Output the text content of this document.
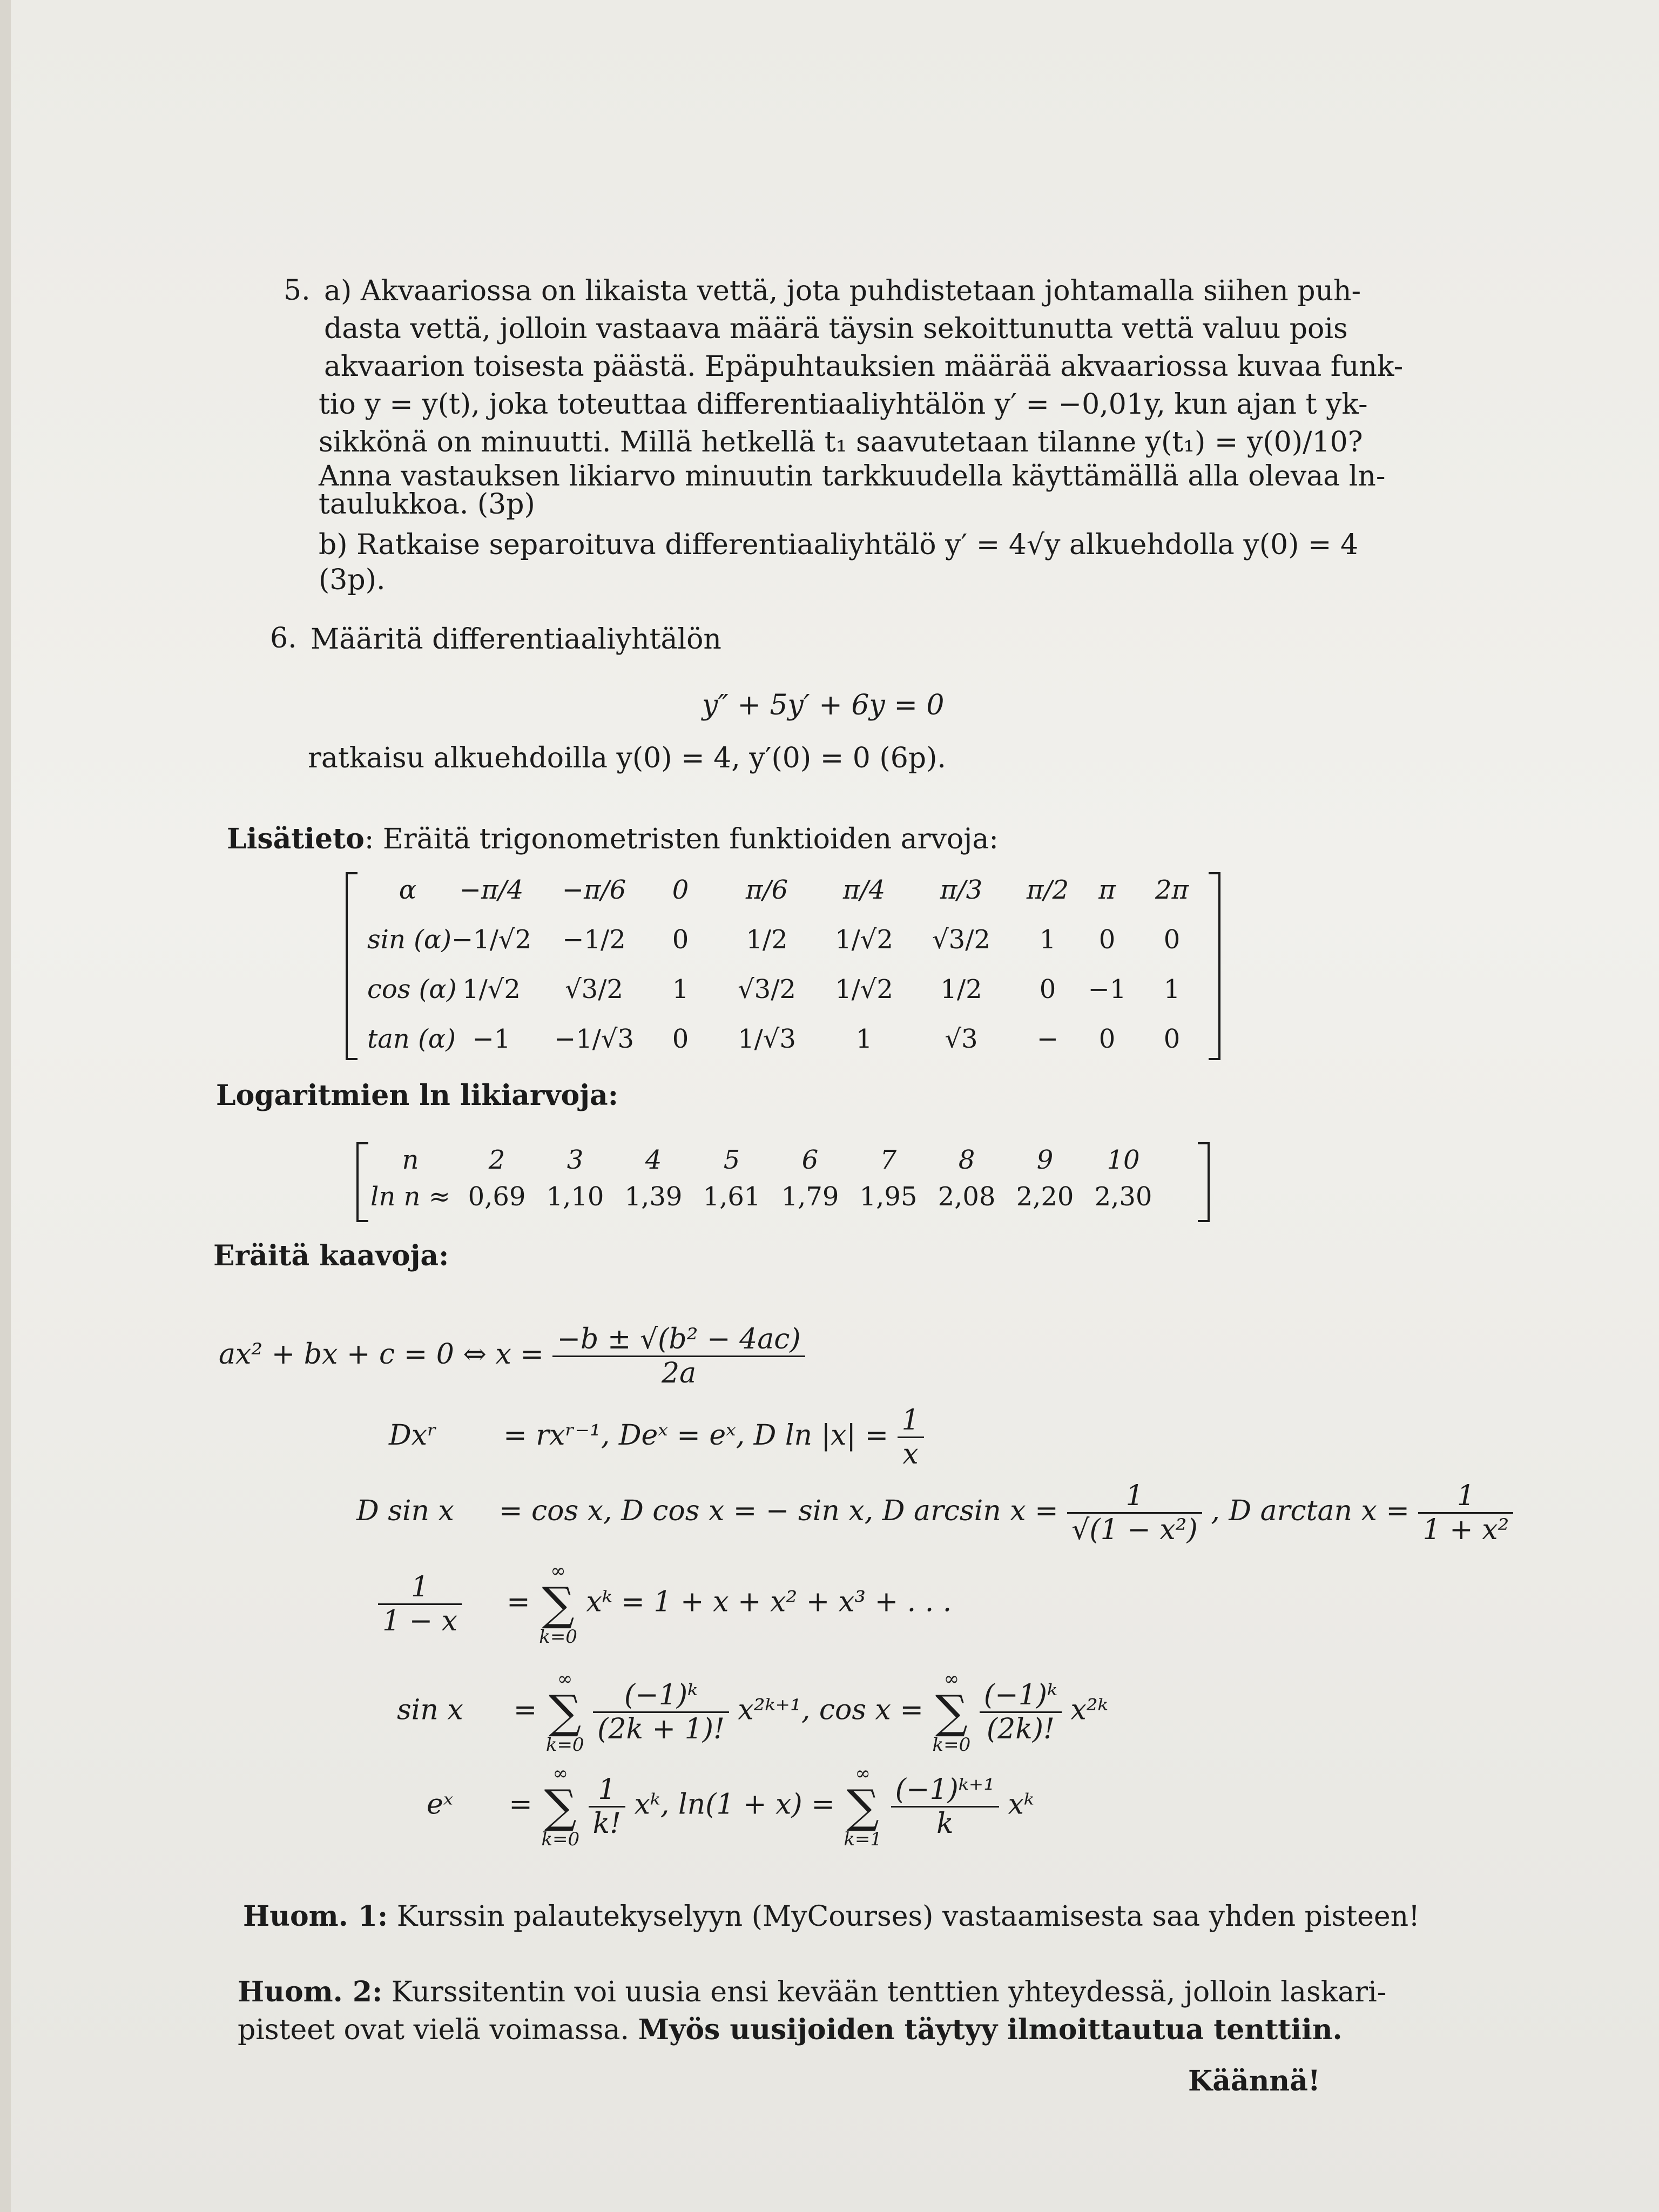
5. a) Akvaariossa on likaista vettä, jota puhdistetaan johtamalla siihen puh-
dasta vettä, jolloin vastaava määrä täysin sekoittunutta vettä valuu pois
akvaarion toisesta päästä. Epäpuhtauksien määrää akvaariossa kuvaa funk-
tio y = y(t), joka toteuttaa differentiaaliyhtälön y′ = −0,01y, kun ajan t yk-
sikkönä on minuutti. Millä hetkellä t₁ saavutetaan tilanne y(t₁) = y(0)/10?
Anna vastauksen likiarvo minuutin tarkkuudella käyttämällä alla olevaa ln-
taulukkoa. (3p)
b) Ratkaise separoituva differentiaaliyhtälö y′ = 4√y alkuehdolla y(0) = 4
(3p).
6. Määritä differentiaaliyhtälön
y″ + 5y′ + 6y = 0
ratkaisu alkuehdoilla y(0) = 4, y′(0) = 0 (6p).
Lisätieto: Eräitä trigonometristen funktioiden arvoja:
α	−π/4	−π/6	0	π/6	π/4	π/3	π/2	π	2π
sin (α) −1/√2	−1/2	0	1/2	1/√2	√3/2	1	0	0
cos (α) 1/√2	√3/2	1	√3/2	1/√2	1/2	0	−1	1
tan (α) −1	−1/√3	0	1/√3	1	√3	−	0	0
Logaritmien ln likiarvoja:
n	2	3	4	5	6	7	8	9	10
ln n ≈ 0,69 1,10 1,39 1,61 1,79 1,95 2,08 2,20 2,30
Eräitä kaavoja:
ax² + bx + c = 0 ⇔ $x = \frac{\text{−b ± √(b² − 4ac)}}{2a}$
Dxʳ = rxʳ⁻¹, Deˣ = eˣ, D $\ln |x| = \frac{1}{x}$
D sin x = cos x, D cos x = − sin x, D $\arcsin x = \frac{1}{\text{√(1 − x²)}}$ , D $\arctan x = \frac{1}{\text{1 + x²}}$
$\frac{1}{1 - x}$ =
∞
∑
k=0
xᵏ = 1 + x + x² + x³ + . . .
sin x =
∞
∑
k=0
$\frac{\text{(−1)ᵏ}}{(2k + 1)!}$ x²ᵏ⁺¹, cos x =
∞
∑
k=0
$\frac{\text{(−1)ᵏ}}{(2k)!}$ x²ᵏ
eˣ =
∞
∑
k=0
$\frac{1}{k!}$ xᵏ, ln(1 + x) =
∞
∑
k=1
$\frac{\text{(−1)ᵏ⁺¹}}{k}$ xᵏ
Huom. 1: Kurssin palautekyselyyn (MyCourses) vastaamisesta saa yhden pisteen!
Huom. 2: Kurssitentin voi uusia ensi kevään tenttien yhteydessä, jolloin laskari-
pisteet ovat vielä voimassa. Myös uusijoiden täytyy ilmoittautua tenttiin.
Käännä!
